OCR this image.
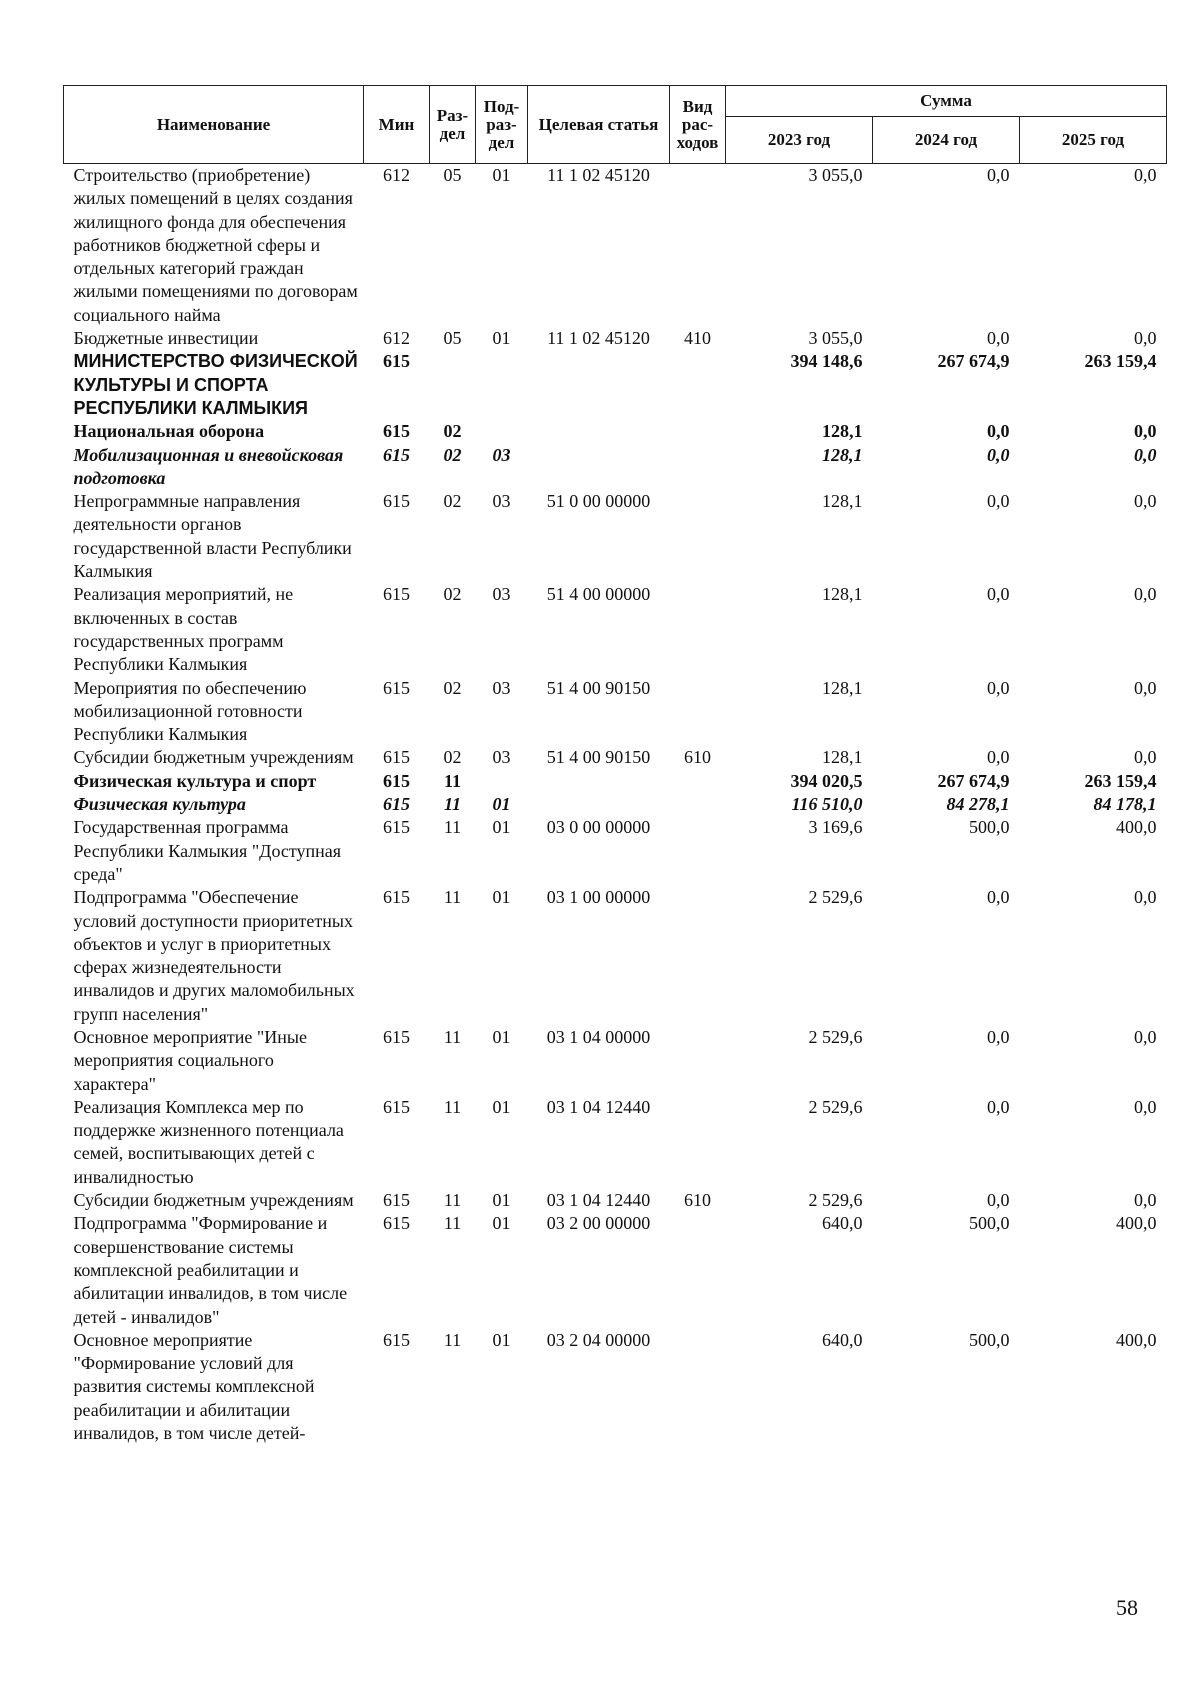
Наименование	Мин	Раз-дел	Под-раз-дел	Целевая статья	Вид рас-ходов	Сумма		
						2023 год	2024 год	2025 год
Строительство (приобретение) жилых помещений в целях создания жилищного фонда для обеспечения работников бюджетной сферы и отдельных категорий граждан жилыми помещениями по договорам социального найма	612	05	01	11 1 02 45120		3 055,0	0,0	0,0
Бюджетные инвестиции	612	05	01	11 1 02 45120	410	3 055,0	0,0	0,0
МИНИСТЕРСТВО ФИЗИЧЕСКОЙ КУЛЬТУРЫ И СПОРТА РЕСПУБЛИКИ КАЛМЫКИЯ	615					394 148,6	267 674,9	263 159,4
Национальная оборона	615	02				128,1	0,0	0,0
Мобилизационная и вневойсковая подготовка	615	02	03			128,1	0,0	0,0
Непрограммные направления деятельности органов государственной власти Республики Калмыкия	615	02	03	51 0 00 00000		128,1	0,0	0,0
Реализация мероприятий, не включенных в состав государственных программ Республики Калмыкия	615	02	03	51 4 00 00000		128,1	0,0	0,0
Мероприятия по обеспечению мобилизационной готовности Республики Калмыкия	615	02	03	51 4 00 90150		128,1	0,0	0,0
Субсидии бюджетным учреждениям	615	02	03	51 4 00 90150	610	128,1	0,0	0,0
Физическая культура и спорт	615	11				394 020,5	267 674,9	263 159,4
Физическая культура	615	11	01			116 510,0	84 278,1	84 178,1
Государственная программа Республики Калмыкия "Доступная среда"	615	11	01	03 0 00 00000		3 169,6	500,0	400,0
Подпрограмма "Обеспечение условий доступности приоритетных объектов и услуг в приоритетных сферах жизнедеятельности инвалидов и других маломобильных групп населения"	615	11	01	03 1 00 00000		2 529,6	0,0	0,0
Основное мероприятие "Иные мероприятия социального характера"	615	11	01	03 1 04 00000		2 529,6	0,0	0,0
Реализация Комплекса мер по поддержке жизненного потенциала семей, воспитывающих детей с инвалидностью	615	11	01	03 1 04 12440		2 529,6	0,0	0,0
Субсидии бюджетным учреждениям	615	11	01	03 1 04 12440	610	2 529,6	0,0	0,0
Подпрограмма "Формирование и совершенствование системы комплексной реабилитации и абилитации инвалидов, в том числе детей - инвалидов"	615	11	01	03 2 00 00000		640,0	500,0	400,0
Основное мероприятие "Формирование условий для развития системы комплексной реабилитации и абилитации инвалидов, в том числе детей-	615	11	01	03 2 04 00000		640,0	500,0	400,0
58
